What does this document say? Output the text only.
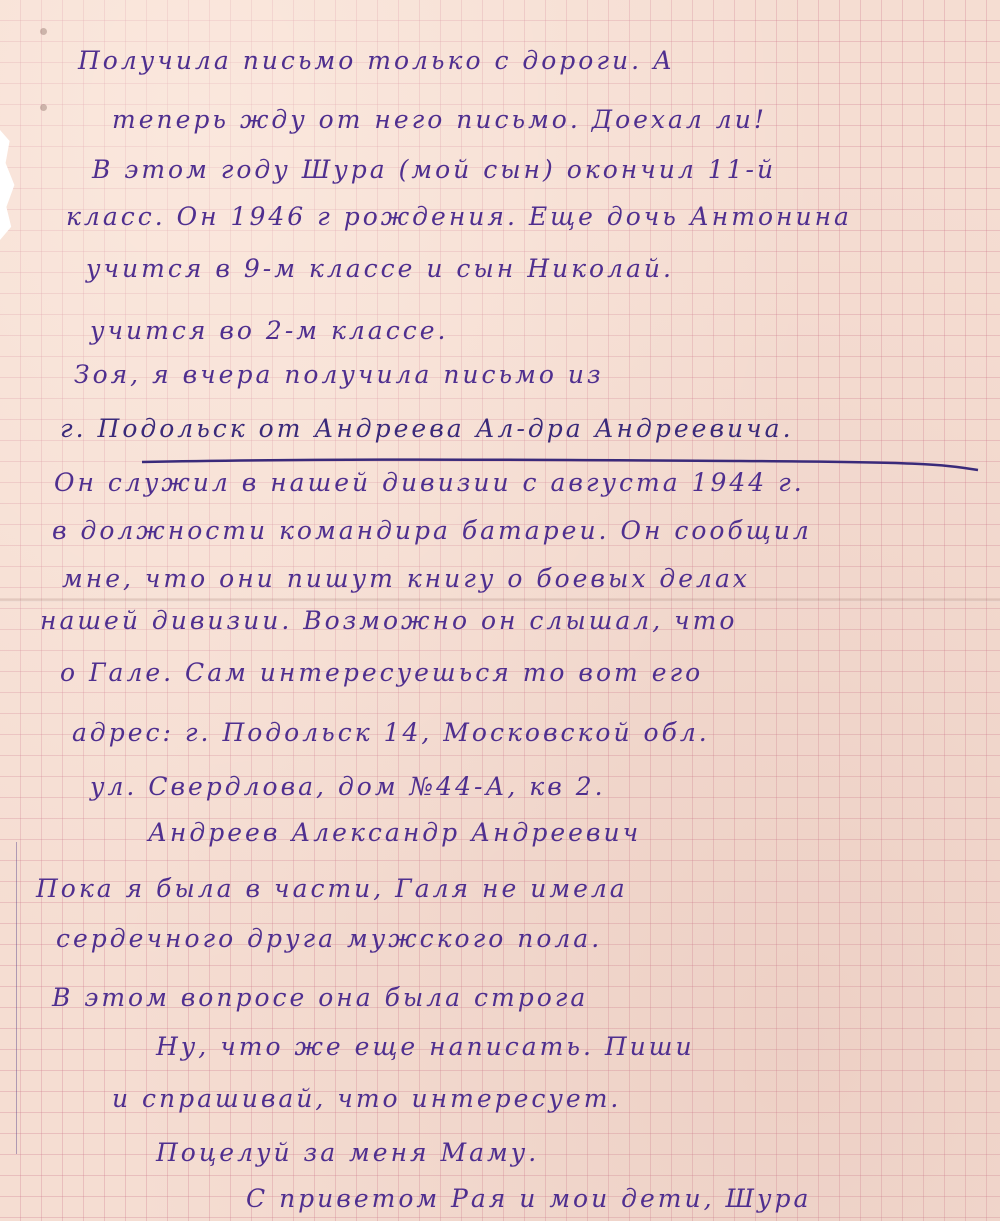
Получила письмо только с дороги. А

теперь жду от него письмо. Доехал ли!

В этом году Шура (мой сын) окончил 11-й

класс. Он 1946 г рождения. Еще дочь Антонина

учится в 9-м классе и сын Николай.

учится во 2-м классе.

Зоя, я вчера получила письмо из

г. Подольск от Андреева Ал-дра Андреевича.

Он служил в нашей дивизии с августа 1944 г.

в должности командира батареи. Он сообщил

мне, что они пишут книгу о боевых делах

нашей дивизии. Возможно он слышал, что

о Гале. Сам интересуешься то вот его

адрес: г. Подольск 14, Московской обл.

ул. Свердлова, дом №44-А, кв 2.

Андреев Александр Андреевич

Пока я была в части, Галя не имела

сердечного друга мужского пола.

В этом вопросе она была строга

Ну, что же еще написать. Пиши

и спрашивай, что интересует.

Поцелуй за меня Маму.

С приветом Рая и мои дети, Шура
